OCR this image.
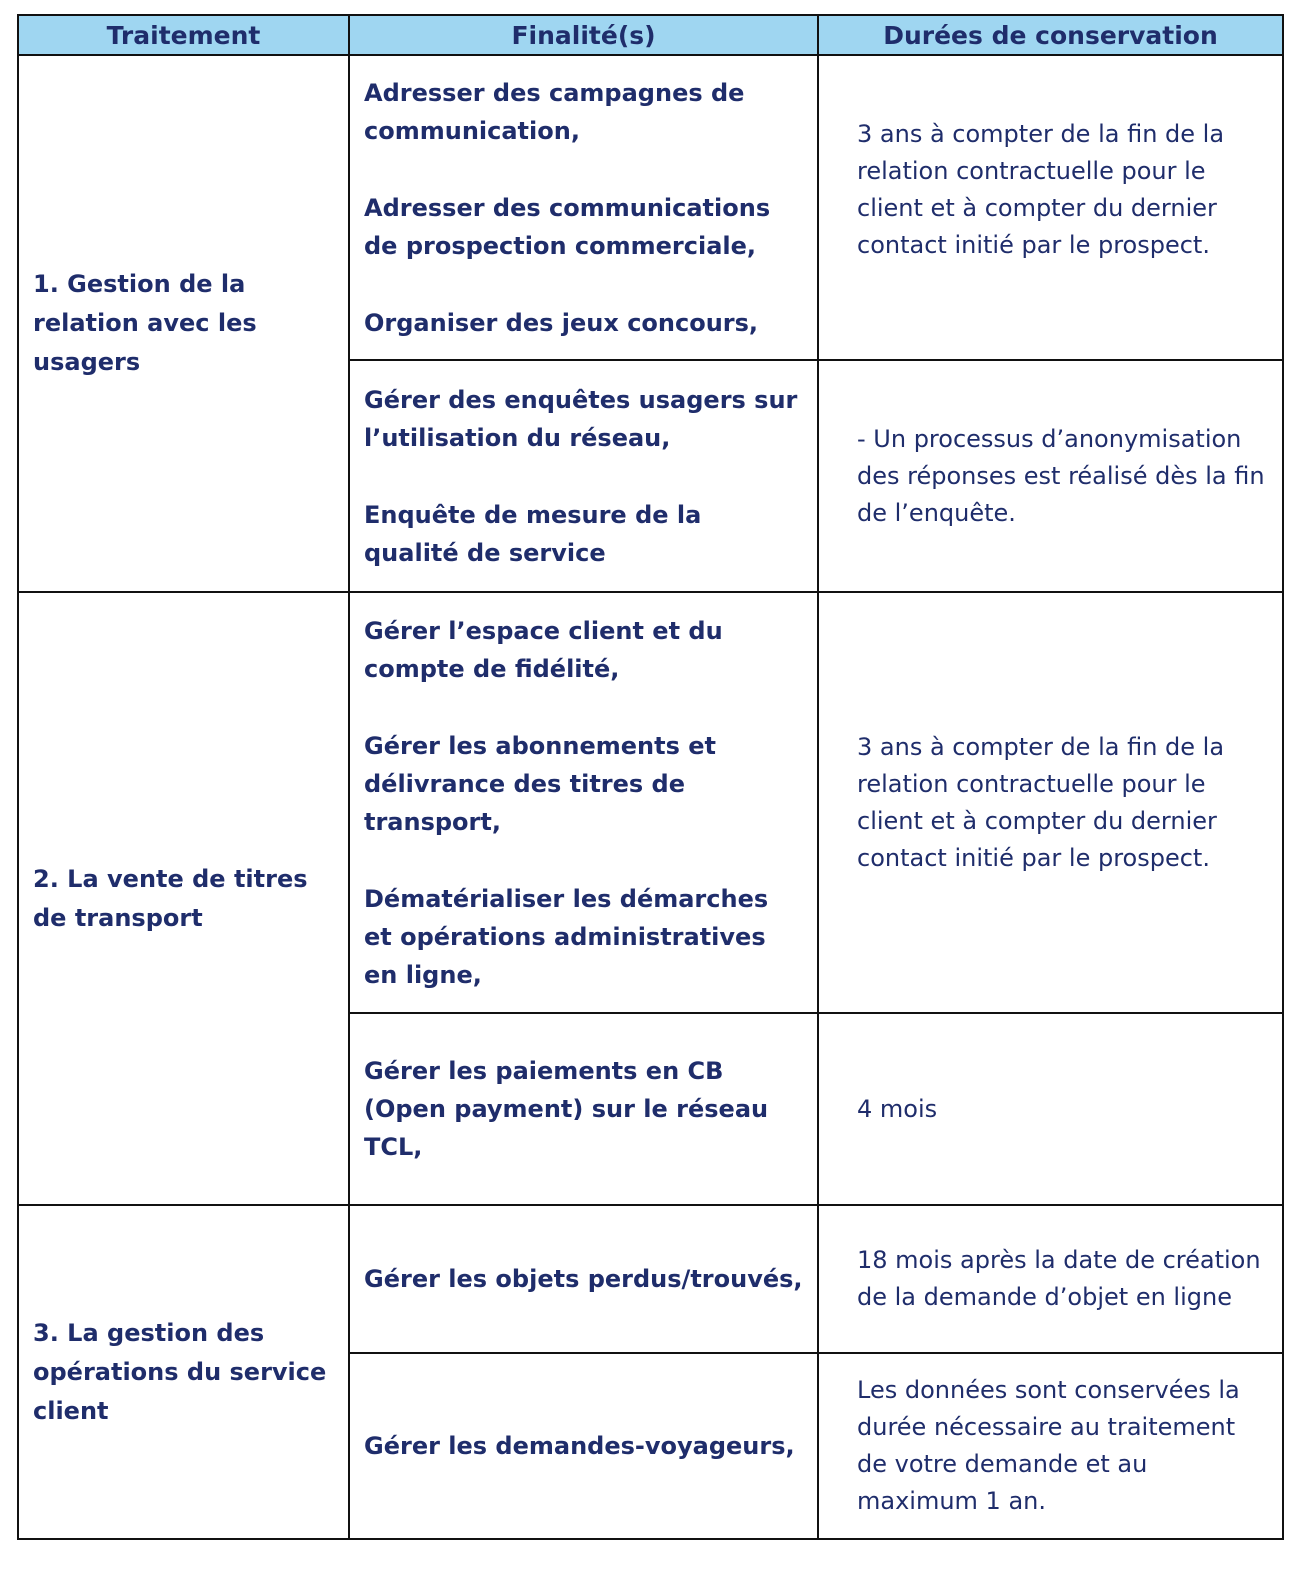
Traitement	Finalité(s)	Durées de conservation
1. Gestion de la relation avec les usagers	Adresser des campagnes de communication,

Adresser des communications de prospection commerciale,

Organiser des jeux concours,	3 ans à compter de la fin de la relation contractuelle pour le client et à compter du dernier contact initié par le prospect.

	Gérer des enquêtes usagers sur l’utilisation du réseau,

Enquête de mesure de la qualité de service	- Un processus d’anonymisation des réponses est réalisé dès la fin de l’enquête.
2. La vente de titres de transport	Gérer l’espace client et du compte de fidélité,

Gérer les abonnements et délivrance des titres de transport,

Dématérialiser les démarches et opérations administratives en ligne,	3 ans à compter de la fin de la relation contractuelle pour le client et à compter du dernier contact initié par le prospect.

	Gérer les paiements en CB (Open payment) sur le réseau TCL,	4 mois
3. La gestion des opérations du service client	Gérer les objets perdus/trouvés,	18 mois après la date de création de la demande d’objet en ligne

	Gérer les demandes-voyageurs,	Les données sont conservées la durée nécessaire au traitement de votre demande et au maximum 1 an.
